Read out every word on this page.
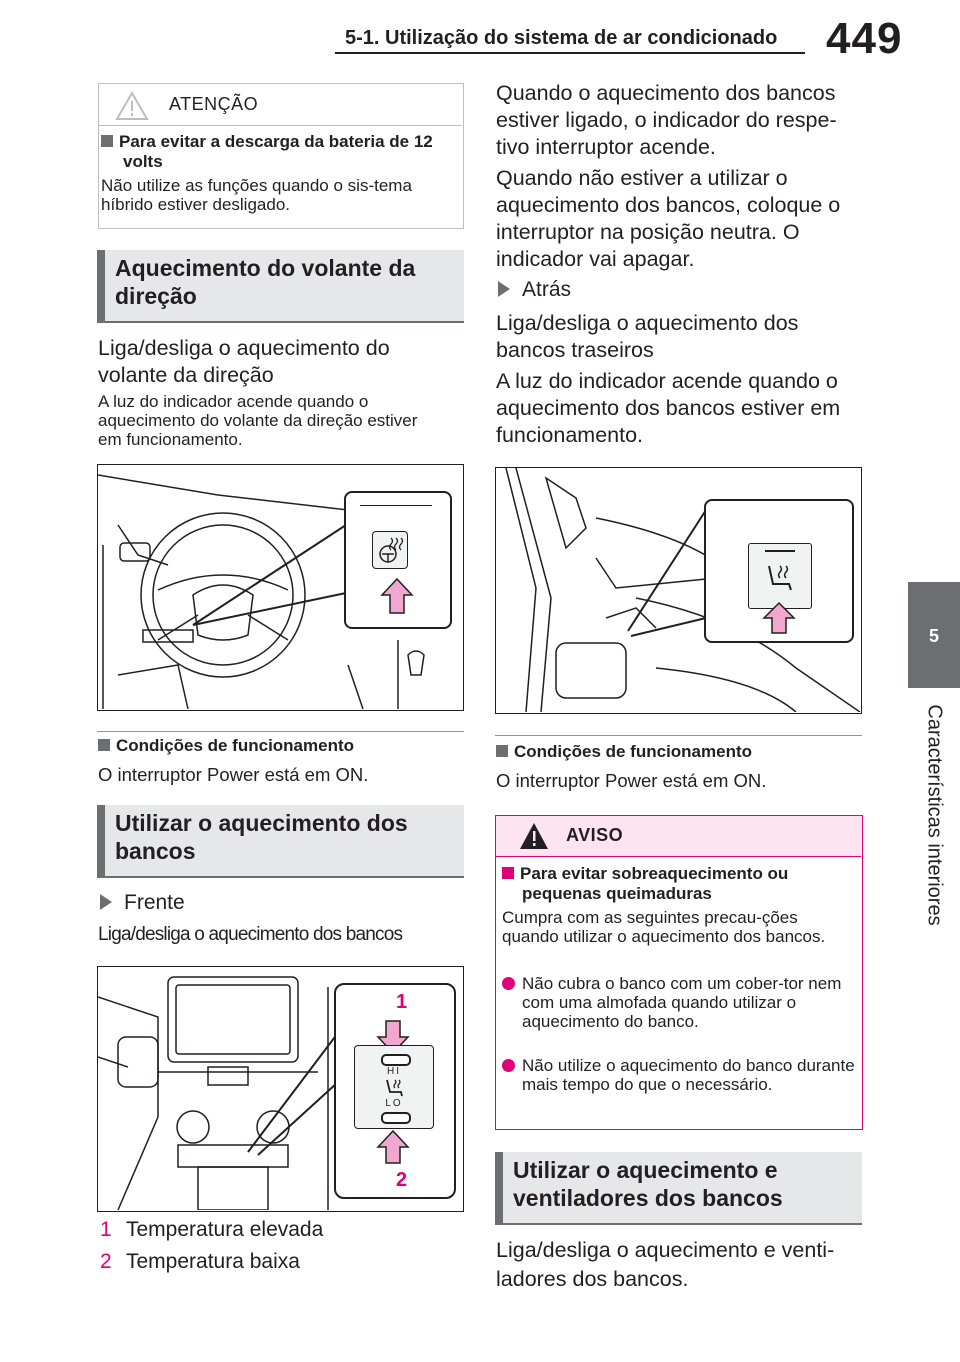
5-1. Utilização do sistema de ar condicionado 449
5
Características interiores
ATENÇÃO
Para evitar a descarga da bateria de 12 volts
Não utilize as funções quando o sis-tema híbrido estiver desligado.
Aquecimento do volante da direção
Liga/desliga o aquecimento do volante da direção
A luz do indicador acende quando o aquecimento do volante da direção estiver em funcionamento.
Condições de funcionamento
O interruptor Power está em ON.
Utilizar o aquecimento dos bancos
Frente
Liga/desliga o aquecimento dos bancos
1
HI
LO
2
1 Temperatura elevada
2 Temperatura baixa
Quando o aquecimento dos bancos estiver ligado, o indicador do respe-tivo interruptor acende.
Quando não estiver a utilizar o aquecimento dos bancos, coloque o interruptor na posição neutra. O indicador vai apagar.
Atrás
Liga/desliga o aquecimento dos bancos traseiros
A luz do indicador acende quando o aquecimento dos bancos estiver em funcionamento.
Condições de funcionamento
O interruptor Power está em ON.
AVISO
Para evitar sobreaquecimento ou pequenas queimaduras
Cumpra com as seguintes precau-ções quando utilizar o aquecimento dos bancos.
Não cubra o banco com um cober-tor nem com uma almofada quando utilizar o aquecimento do banco.
Não utilize o aquecimento do banco durante mais tempo do que o necessário.
Utilizar o aquecimento e ventiladores dos bancos
Liga/desliga o aquecimento e venti-ladores dos bancos.
